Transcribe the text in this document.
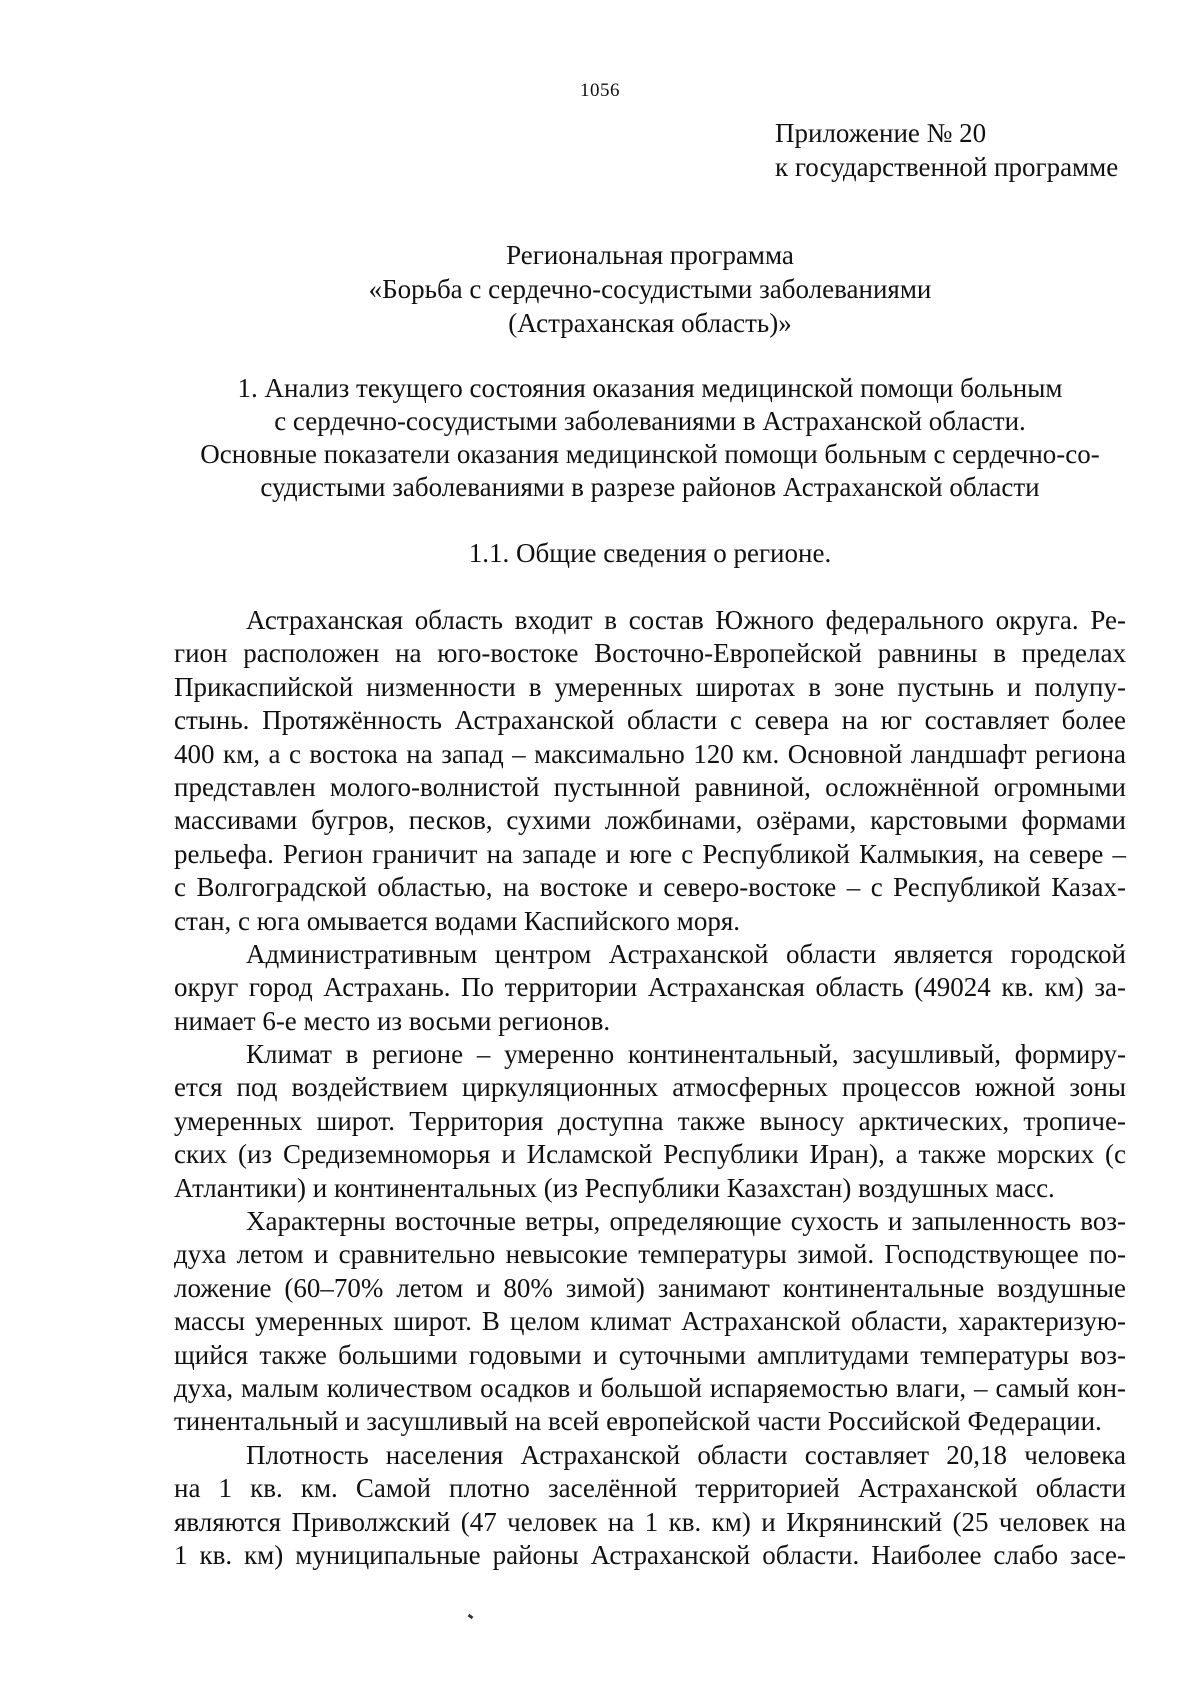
1056
Приложение № 20
к государственной программе
Региональная программа
«Борьба с сердечно-сосудистыми заболеваниями
(Астраханская область)»
1. Анализ текущего состояния оказания медицинской помощи больным
с сердечно-сосудистыми заболеваниями в Астраханской области.
Основные показатели оказания медицинской помощи больным с сердечно-со-
судистыми заболеваниями в разрезе районов Астраханской области
1.1. Общие сведения о регионе.
Астраханская область входит в состав Южного федерального округа. Ре-
гион расположен на юго-востоке Восточно-Европейской равнины в пределах
Прикаспийской низменности в умеренных широтах в зоне пустынь и полупу-
стынь. Протяжённость Астраханской области с севера на юг составляет более
400 км, а с востока на запад – максимально 120 км. Основной ландшафт региона
представлен молого-волнистой пустынной равниной, осложнённой огромными
массивами бугров, песков, сухими ложбинами, озёрами, карстовыми формами
рельефа. Регион граничит на западе и юге с Республикой Калмыкия, на севере –
с Волгоградской областью, на востоке и северо-востоке – с Республикой Казах-
стан, с юга омывается водами Каспийского моря.
Административным центром Астраханской области является городской
округ город Астрахань. По территории Астраханская область (49024 кв. км) за-
нимает 6-е место из восьми регионов.
Климат в регионе – умеренно континентальный, засушливый, формиру-
ется под воздействием циркуляционных атмосферных процессов южной зоны
умеренных широт. Территория доступна также выносу арктических, тропиче-
ских (из Средиземноморья и Исламской Республики Иран), а также морских (с
Атлантики) и континентальных (из Республики Казахстан) воздушных масс.
Характерны восточные ветры, определяющие сухость и запыленность воз-
духа летом и сравнительно невысокие температуры зимой. Господствующее по-
ложение (60–70% летом и 80% зимой) занимают континентальные воздушные
массы умеренных широт. В целом климат Астраханской области, характеризую-
щийся также большими годовыми и суточными амплитудами температуры воз-
духа, малым количеством осадков и большой испаряемостью влаги, – самый кон-
тинентальный и засушливый на всей европейской части Российской Федерации.
Плотность населения Астраханской области составляет 20,18 человека
на 1 кв. км. Самой плотно заселённой территорией Астраханской области
являются Приволжский (47 человек на 1 кв. км) и Икрянинский (25 человек на
1 кв. км) муниципальные районы Астраханской области. Наиболее слабо засе-
